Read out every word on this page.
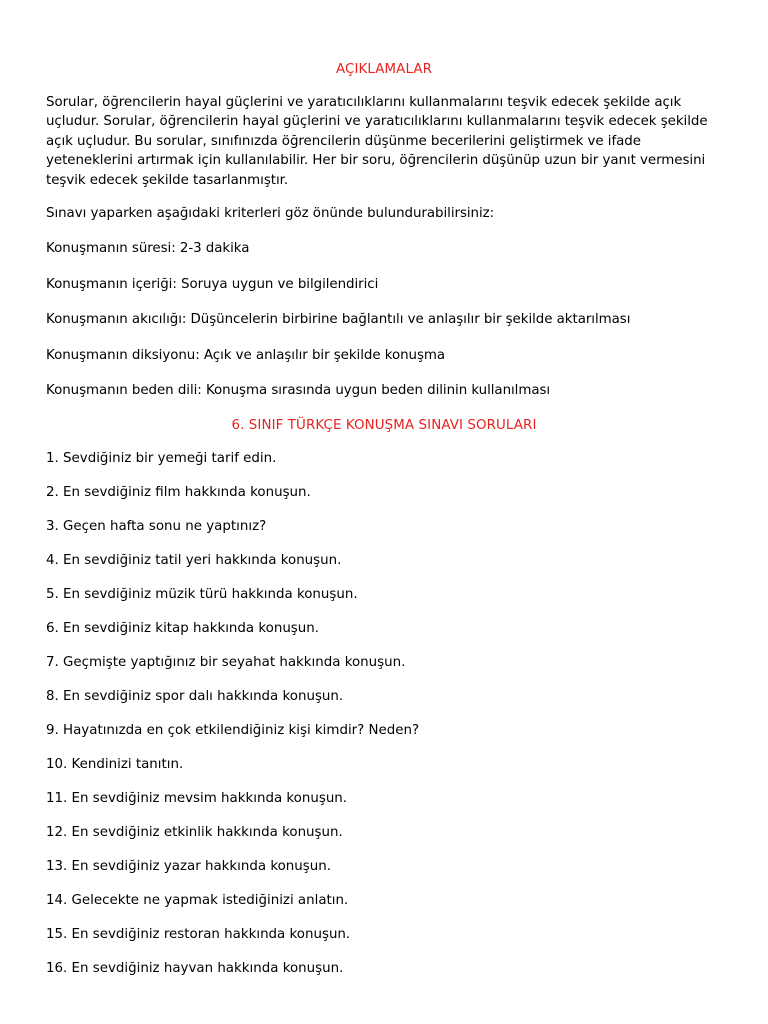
AÇIKLAMALAR

Sorular, öğrencilerin hayal güçlerini ve yaratıcılıklarını kullanmalarını teşvik edecek şekilde açık uçludur. Sorular, öğrencilerin hayal güçlerini ve yaratıcılıklarını kullanmalarını teşvik edecek şekilde açık uçludur. Bu sorular, sınıfınızda öğrencilerin düşünme becerilerini geliştirmek ve ifade yeteneklerini artırmak için kullanılabilir. Her bir soru, öğrencilerin düşünüp uzun bir yanıt vermesini teşvik edecek şekilde tasarlanmıştır.

Sınavı yaparken aşağıdaki kriterleri göz önünde bulundurabilirsiniz:

Konuşmanın süresi: 2-3 dakika

Konuşmanın içeriği: Soruya uygun ve bilgilendirici

Konuşmanın akıcılığı: Düşüncelerin birbirine bağlantılı ve anlaşılır bir şekilde aktarılması

Konuşmanın diksiyonu: Açık ve anlaşılır bir şekilde konuşma

Konuşmanın beden dili: Konuşma sırasında uygun beden dilinin kullanılması

6. SINIF TÜRKÇE KONUŞMA SINAVI SORULARI

1. Sevdiğiniz bir yemeği tarif edin.

2. En sevdiğiniz film hakkında konuşun.

3. Geçen hafta sonu ne yaptınız?

4. En sevdiğiniz tatil yeri hakkında konuşun.

5. En sevdiğiniz müzik türü hakkında konuşun.

6. En sevdiğiniz kitap hakkında konuşun.

7. Geçmişte yaptığınız bir seyahat hakkında konuşun.

8. En sevdiğiniz spor dalı hakkında konuşun.

9. Hayatınızda en çok etkilendiğiniz kişi kimdir? Neden?

10. Kendinizi tanıtın.

11. En sevdiğiniz mevsim hakkında konuşun.

12. En sevdiğiniz etkinlik hakkında konuşun.

13. En sevdiğiniz yazar hakkında konuşun.

14. Gelecekte ne yapmak istediğinizi anlatın.

15. En sevdiğiniz restoran hakkında konuşun.

16. En sevdiğiniz hayvan hakkında konuşun.
